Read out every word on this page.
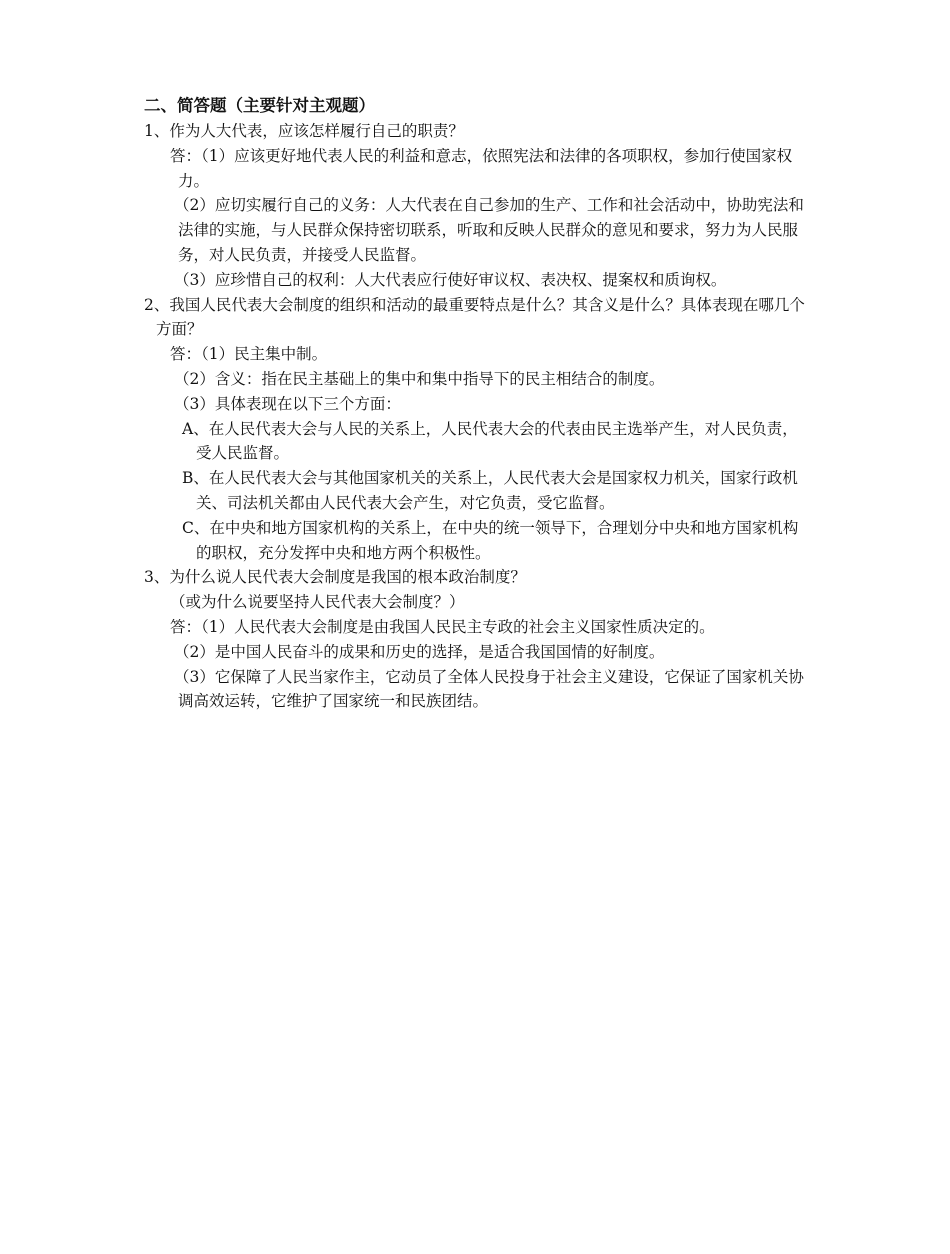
二、简答题（主要针对主观题）

1、作为人大代表，应该怎样履行自己的职责？

答：（1）应该更好地代表人民的利益和意志，依照宪法和法律的各项职权，参加行使国家权力。

（2）应切实履行自己的义务：人大代表在自己参加的生产、工作和社会活动中，协助宪法和法律的实施，与人民群众保持密切联系，听取和反映人民群众的意见和要求，努力为人民服务，对人民负责，并接受人民监督。

（3）应珍惜自己的权利：人大代表应行使好审议权、表决权、提案权和质询权。

2、我国人民代表大会制度的组织和活动的最重要特点是什么？其含义是什么？具体表现在哪几个方面？

答：（1）民主集中制。

（2）含义：指在民主基础上的集中和集中指导下的民主相结合的制度。

（3）具体表现在以下三个方面：

A、在人民代表大会与人民的关系上，人民代表大会的代表由民主选举产生，对人民负责，受人民监督。

B、在人民代表大会与其他国家机关的关系上，人民代表大会是国家权力机关，国家行政机关、司法机关都由人民代表大会产生，对它负责，受它监督。

C、在中央和地方国家机构的关系上，在中央的统一领导下，合理划分中央和地方国家机构的职权，充分发挥中央和地方两个积极性。

3、为什么说人民代表大会制度是我国的根本政治制度？

（或为什么说要坚持人民代表大会制度？）

答：（1）人民代表大会制度是由我国人民民主专政的社会主义国家性质决定的。

（2）是中国人民奋斗的成果和历史的选择，是适合我国国情的好制度。

（3）它保障了人民当家作主，它动员了全体人民投身于社会主义建设，它保证了国家机关协调高效运转，它维护了国家统一和民族团结。
